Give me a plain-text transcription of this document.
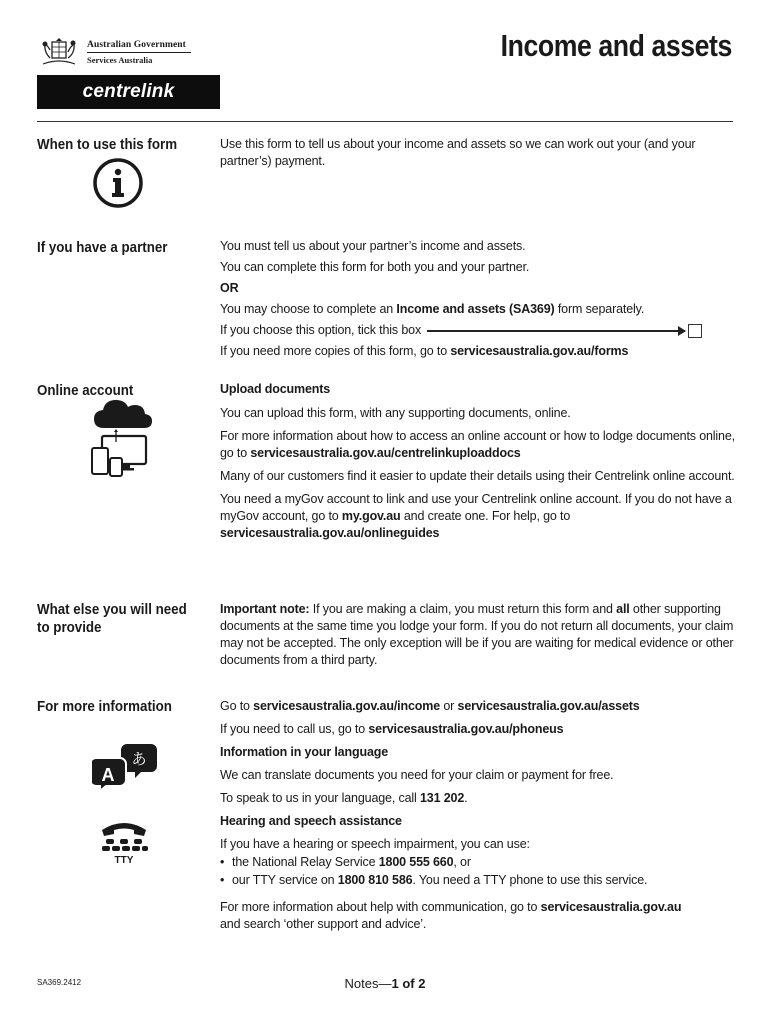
Australian Government
Services Australia
centrelink
Income and assets
When to use this form	Use this form to tell us about your income and assets so we can work out your (and your partner’s) payment.

If you have a partner	You must tell us about your partner’s income and assets.

You can complete this form for both you and your partner.

OR

You may choose to complete an Income and assets (SA369) form separately.

If you choose this option, tick this box

If you need more copies of this form, go to servicesaustralia.gov.au/forms

Online account	Upload documents

You can upload this form, with any supporting documents, online.

For more information about how to access an online account or how to lodge documents online, go to servicesaustralia.gov.au/centrelinkuploaddocs

Many of our customers find it easier to update their details using their Centrelink online account.

You need a myGov account to link and use your Centrelink online account. If you do not have a myGov account, go to my.gov.au and create one. For help, go to
servicesaustralia.gov.au/onlineguides

What else you will need
to provide

Important note: If you are making a claim, you must return this form and all other supporting documents at the same time you lodge your form. If you do not return all documents, your claim may not be accepted. The only exception will be if you are waiting for medical evidence or other documents from a third party.

For more information
A
あ
TTY

Go to servicesaustralia.gov.au/income or servicesaustralia.gov.au/assets

If you need to call us, go to servicesaustralia.gov.au/phoneus

Information in your language

We can translate documents you need for your claim or payment for free.

To speak to us in your language, call 131 202.

Hearing and speech assistance

If you have a hearing or speech impairment, you can use:

• the National Relay Service 1800 555 660, or

• our TTY service on 1800 810 586. You need a TTY phone to use this service.

For more information about help with communication, go to servicesaustralia.gov.au
and search ‘other support and advice’.

SA369.2412	Notes—1 of 2
